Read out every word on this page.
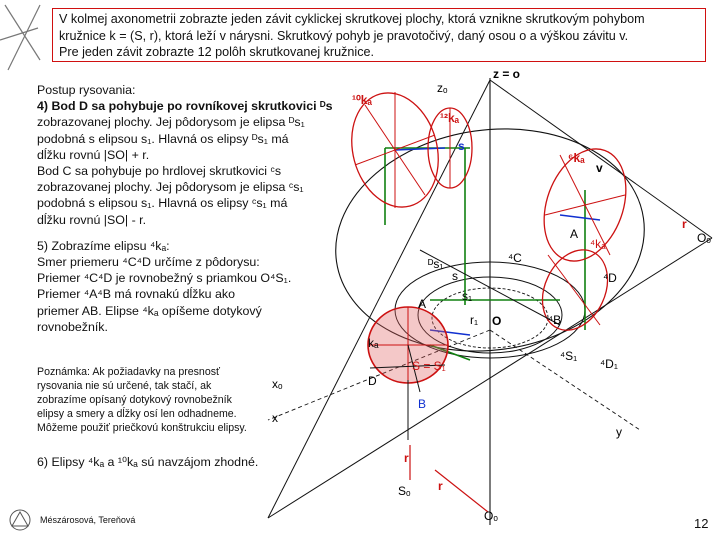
V kolmej axonometrii zobrazte jeden závit cyklickej skrutkovej plochy, ktorá vznikne skrutkovým pohybom
kružnice k = (S, r), ktorá leží v nárysni. Skrutkový pohyb je pravotočivý, daný osou o a výškou závitu v.
Pre jeden závit zobrazte 12 polôh skrutkovanej kružnice.

Postup rysovania:

4) Bod D sa pohybuje po rovníkovej skrutkovici ᴰs

zobrazovanej plochy. Jej pôdorysom je elipsa ᴰs₁

podobná s elipsou s₁. Hlavná os elipsy ᴰs₁ má

dĺžku rovnú |SO| + r.

Bod C sa pohybuje po hrdlovej skrutkovici ᶜs

zobrazovanej plochy. Jej pôdorysom je elipsa ᶜs₁

podobná s elipsou s₁. Hlavná os elipsy ᶜs₁ má

dĺžku rovnú |SO| - r.

5) Zobrazíme elipsu ⁴kₐ:

Smer priemeru ⁴C⁴D určíme z pôdorysu:

Priemer ⁴C⁴D je rovnobežný s priamkou O⁴S₁.

Priemer ⁴A⁴B má rovnakú dĺžku ako

priemer AB. Elipse ⁴kₐ opíšeme dotykový

rovnobežník.

Poznámka: Ak požiadavky na presnosť
rysovania nie sú určené, tak stačí, ak
zobrazíme opísaný dotykový rovnobežník
elipsy a smery a dĺžky osí len odhadneme.
Môžeme použiť priečkovú konštrukciu elipsy.
6) Elipsy ⁴kₐ a ¹⁰kₐ sú navzájom zhodné.
Mészárosová, Tereňová	12
z = o
zₒ
¹⁰kₐ
¹²kₐ
s
⁶kₐ
v
r
Oₒ
A
⁴kₐ
⁴C
⁴D
ᴰs₁
s
s₁
A
r₁ O	⁴B
kₐ
⁴S₁
⁴D₁
D
S = S₁
B
xₒ
x
y
r
Sₒ r
Oₒ
